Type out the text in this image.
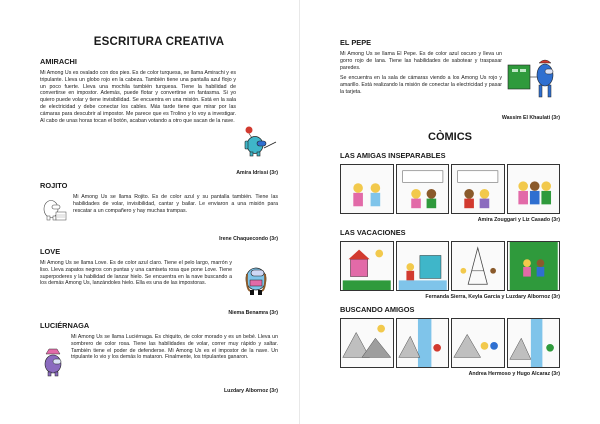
ESCRITURA CREATIVA
AMIRACHI

Mi Among Us es ovalado con dos pies. Es de color turquesa, se llama Amirachi y es tripulante. Lleva un globo rojo en la cabeza. También tiene una pantalla azul flojo y un poco fuerte. Lleva una mochila también turquesa. Tiene la habilidad de convertirse en impostor. Además, puede flotar y convertirse en fantasma. Si yo quiero puede volar y tiene invisibilidad. Se encuentra en una misión. Está en la sala de electricidad y debe conectar los cables. Más tarde tiene que mirar por las cámaras para descubrir al impostor. Me parece que es Trolino y lo voy a investigar. Al cabo de unas horas tocan el botón, acaban votando a otro que sacan de la nave.

Amira Idrissi (3r)
ROJITO

Mi Among Us se llama Rojito. Es de color azul y su pantalla también. Tiene las habilidades de volar, invisibilidad, cantar y bailar. Le enviaron a una misión para rescatar a un compañero y hay muchas trampas.

Irene Chaquecondo (3r)
LOVE

Mi Among Us se llama Love. Es de color azul claro. Tiene el pelo largo, marrón y liso. Lleva zapatos negros con puntas y una camiseta rosa que pone Love. Tiene superpoderes y la habilidad de lanzar hielo. Se encuentra en la nave buscando a los demás Among Us, lanzándoles hielo. Ella es una de las impostoras.

Niema Benamra (3r)
LUCIÉRNAGA

Mi Among Us se llama Luciérnaga. Es chiquito, de color morado y es un bebé. Lleva un sombrero de color rosa. Tiene las habilidades de volar, correr muy rápido y saltar. También tiene el poder de defenderse. Mi Among Us es el impostor de la nave. Un tripulante lo vio y los demás lo mataron. Finalmente, los tripulantes ganaron.

Luzdary Albornoz (3r)
EL PEPE

Mi Among Us se llama El Pepe. Es de color azul oscuro y lleva un gorro rojo de lana. Tiene las habilidades de sabotear y traspasar paredes.

Se encuentra en la sala de cámaras viendo a los Among Us rojo y amarillo. Está realizando la misión de conectar la electricidad y pasar la tarjeta.

Wassim El Khaulati (3r)
CÒMICS
LAS AMIGAS INSEPARABLES
Amira Zouggari y Liz Casado (3r)
LAS VACACIONES
Fernanda Sierra, Keyla Garcia y Luzdary Albornoz (3r)
BUSCANDO AMIGOS
Andrea Hermoso y Hugo Alcaraz (3r)
